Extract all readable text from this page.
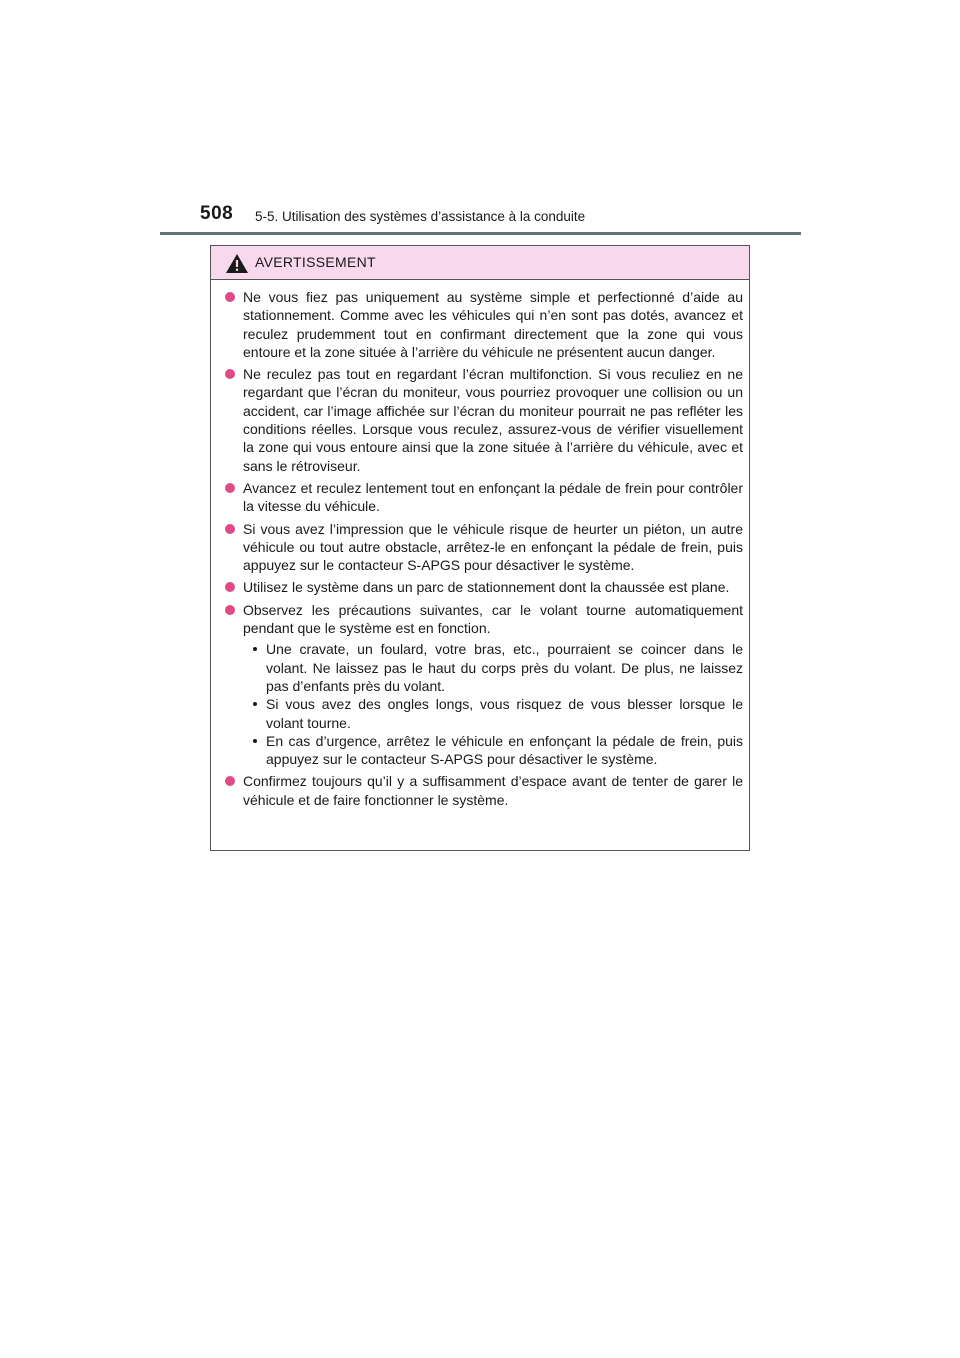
508 5-5. Utilisation des systèmes d’assistance à la conduite
AVERTISSEMENT
Ne vous fiez pas uniquement au système simple et perfectionné d’aide au stationnement. Comme avec les véhicules qui n’en sont pas dotés, avancez et reculez prudemment tout en confirmant directement que la zone qui vous entoure et la zone située à l’arrière du véhicule ne présentent aucun danger.
Ne reculez pas tout en regardant l’écran multifonction. Si vous reculiez en ne regardant que l’écran du moniteur, vous pourriez provoquer une collision ou un accident, car l’image affichée sur l’écran du moniteur pourrait ne pas refléter les conditions réelles. Lorsque vous reculez, assurez-vous de vérifier visuellement la zone qui vous entoure ainsi que la zone située à l’arrière du véhicule, avec et sans le rétroviseur.
Avancez et reculez lentement tout en enfonçant la pédale de frein pour contrôler la vitesse du véhicule.
Si vous avez l’impression que le véhicule risque de heurter un piéton, un autre véhicule ou tout autre obstacle, arrêtez-le en enfonçant la pédale de frein, puis appuyez sur le contacteur S-APGS pour désactiver le système.
Utilisez le système dans un parc de stationnement dont la chaussée est plane.
Observez les précautions suivantes, car le volant tourne automatiquement pendant que le système est en fonction.
Une cravate, un foulard, votre bras, etc., pourraient se coincer dans le volant. Ne laissez pas le haut du corps près du volant. De plus, ne laissez pas d’enfants près du volant.
Si vous avez des ongles longs, vous risquez de vous blesser lorsque le volant tourne.
En cas d’urgence, arrêtez le véhicule en enfonçant la pédale de frein, puis appuyez sur le contacteur S-APGS pour désactiver le système.
Confirmez toujours qu’il y a suffisamment d’espace avant de tenter de garer le véhicule et de faire fonctionner le système.
